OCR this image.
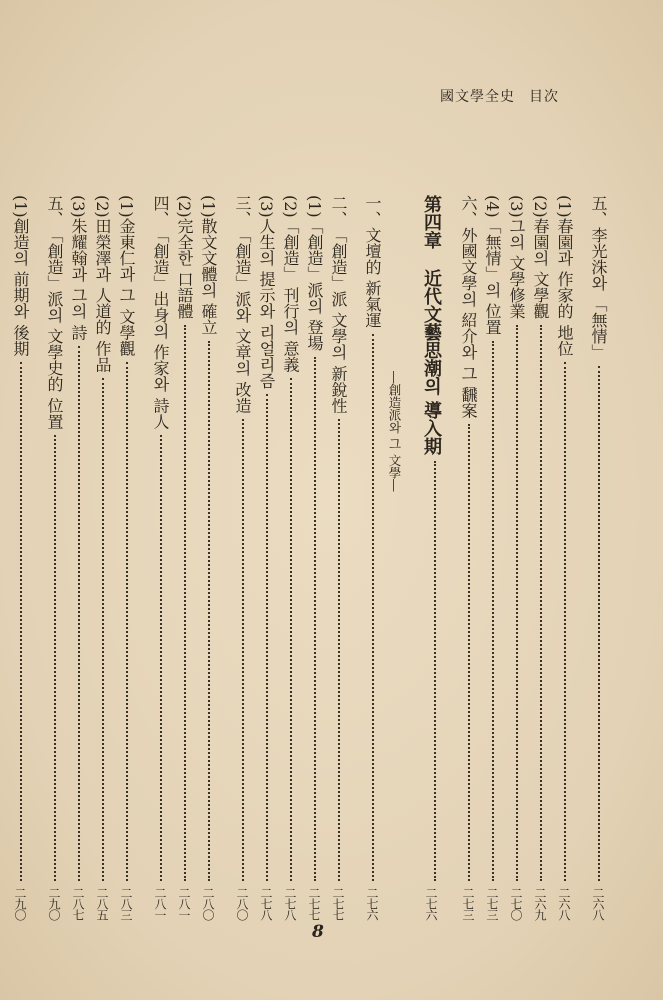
國文學全史 目次
五、
李光洙와 「無情」
二六八
(1)
春園과 作家的 地位
二六八
(2)
春園의 文學觀
二六九
(3)
그의 文學修業
二七〇
(4)
「無情」의 位置
二七三
六、
外國文學의 紹介와 그 飜案
二七三
第四章
近代文藝思潮의 導入期
二七六
―創造派와 그 文學―
一、
文壇的 新氣運
二七六
二、
「創造」派 文學의 新銳性
二七七
(1)
「創造」派의 登場
二七七
(2)
「創造」 刊行의 意義
二七八
(3)
人生의 提示와 리얼리즘
二七八
三、
「創造」派와 文章의 改造
二八〇
(1)
散文文體의 確立
二八〇
(2)
完全한 口語體
二八一
四、
「創造」出身의 作家와 詩人
二八一
(1)
金東仁과 그 文學觀
二八三
(2)
田榮澤과 人道的 作品
二八五
(3)
朱耀翰과 그의 詩
二八七
五、
「創造」派의 文學史的 位置
二九〇
(1)
創造의 前期와 後期
二九〇
8
